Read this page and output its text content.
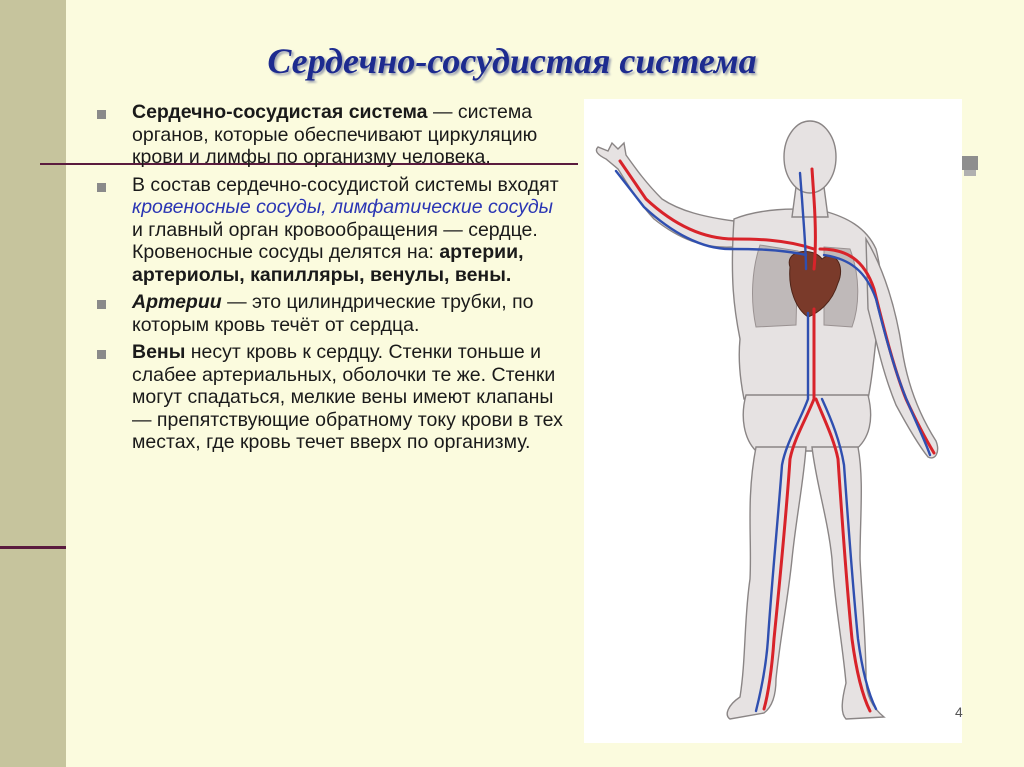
Сердечно-сосудистая система
Сердечно-сосудистая система — система органов, которые обеспечивают циркуляцию крови и лимфы по организму человека.
В состав сердечно-сосудистой системы входят кровеносные сосуды, лимфатические сосуды и главный орган кровообращения — сердце. Кровеносные сосуды делятся на: артерии, артериолы, капилляры, венулы, вены.
Артерии — это цилиндрические трубки, по которым кровь течёт от сердца.
Вены несут кровь к сердцу. Стенки тоньше и слабее артериальных, оболочки те же. Стенки могут спадаться, мелкие вены имеют клапаны — препятствующие обратному току крови в тех местах, где кровь течет вверх по организму.
4
